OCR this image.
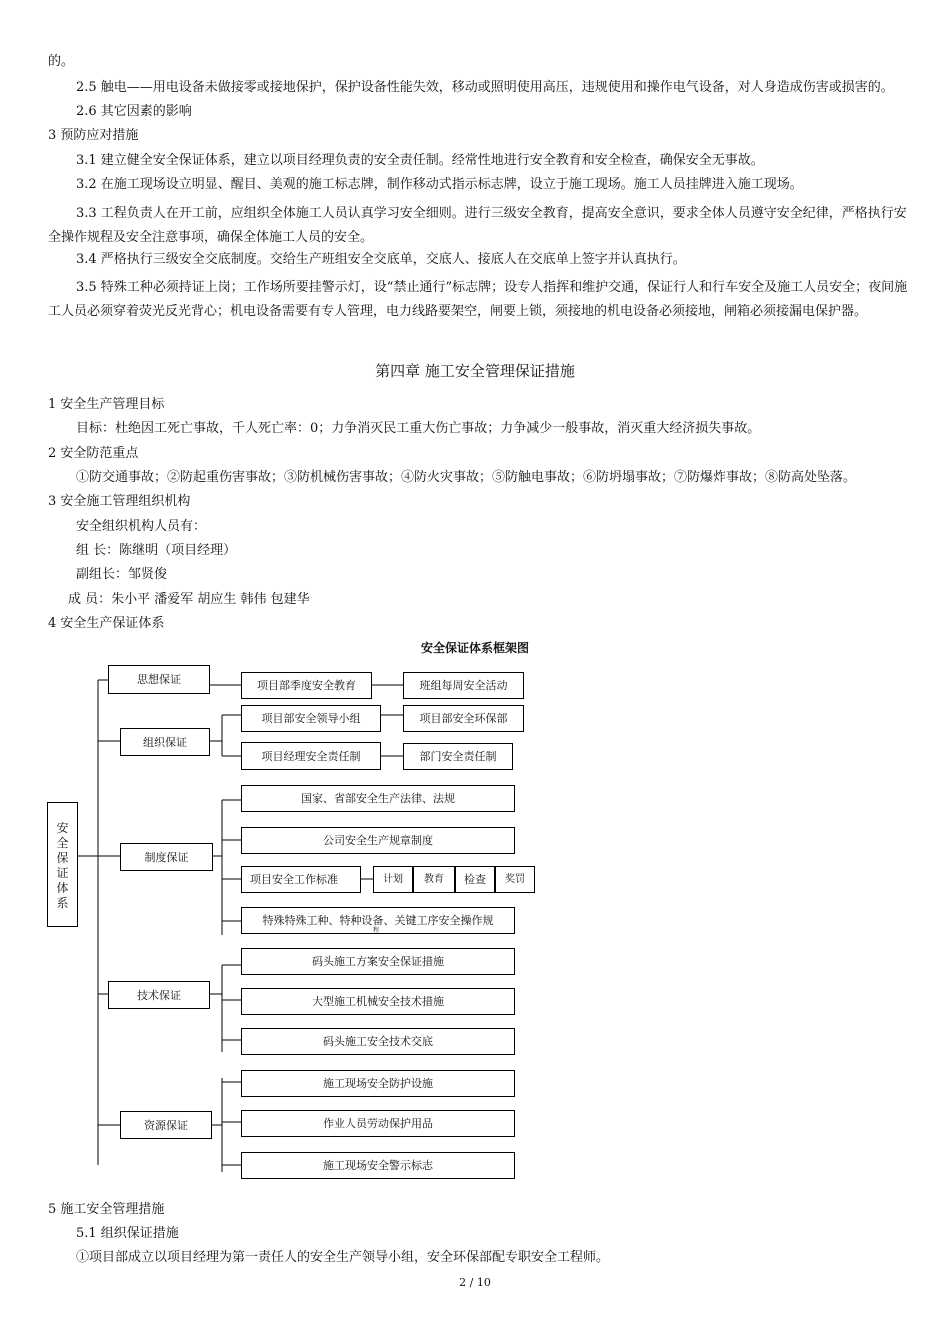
的。
2.5 触电——用电设备未做接零或接地保护，保护设备性能失效，移动或照明使用高压，违规使用和操作电气设备，对人身造成伤害或损害的。
2.6 其它因素的影响
3 预防应对措施
3.1 建立健全安全保证体系，建立以项目经理负责的安全责任制。经常性地进行安全教育和安全检查，确保安全无事故。
3.2 在施工现场设立明显、醒目、美观的施工标志牌，制作移动式指示标志牌，设立于施工现场。施工人员挂牌进入施工现场。
3.3 工程负责人在开工前，应组织全体施工人员认真学习安全细则。进行三级安全教育，提高安全意识，要求全体人员遵守安全纪律，严格执行安全操作规程及安全注意事项，确保全体施工人员的安全。
3.4 严格执行三级安全交底制度。交给生产班组安全交底单，交底人、接底人在交底单上签字并认真执行。
3.5 特殊工种必须持证上岗；工作场所要挂警示灯，设“禁止通行”标志牌；设专人指挥和维护交通，保证行人和行车安全及施工人员安全；夜间施工人员必须穿着荧光反光背心；机电设备需要有专人管理，电力线路要架空，闸要上锁，须接地的机电设备必须接地，闸箱必须接漏电保护器。
第四章 施工安全管理保证措施
1 安全生产管理目标
目标：杜绝因工死亡事故，千人死亡率：0；力争消灭民工重大伤亡事故；力争减少一般事故，消灭重大经济损失事故。
2 安全防范重点
①防交通事故；②防起重伤害事故；③防机械伤害事故；④防火灾事故；⑤防触电事故；⑥防坍塌事故；⑦防爆炸事故；⑧防高处坠落。
3 安全施工管理组织机构
安全组织机构人员有：
组 长：陈继明（项目经理）
副组长：邹贤俊
成 员：朱小平 潘爱军 胡应生 韩伟 包建华
4 安全生产保证体系
安全保证体系框架图
安全保证体系
思想保证
组织保证
制度保证
技术保证
资源保证
项目部季度安全教育	班组每周安全活动
项目部安全领导小组	项目部安全环保部
项目经理安全责任制	部门安全责任制
国家、省部安全生产法律、法规
公司安全生产规章制度
项目安全工作标准	计划	教育	检查	奖罚
特殊特殊工种、特种设备、关键工序安全操作规
程
码头施工方案安全保证措施
大型施工机械安全技术措施
码头施工安全技术交底
施工现场安全防护设施
作业人员劳动保护用品
施工现场安全警示标志
5 施工安全管理措施
5.1 组织保证措施
①项目部成立以项目经理为第一责任人的安全生产领导小组，安全环保部配专职安全工程师。
2 / 10
